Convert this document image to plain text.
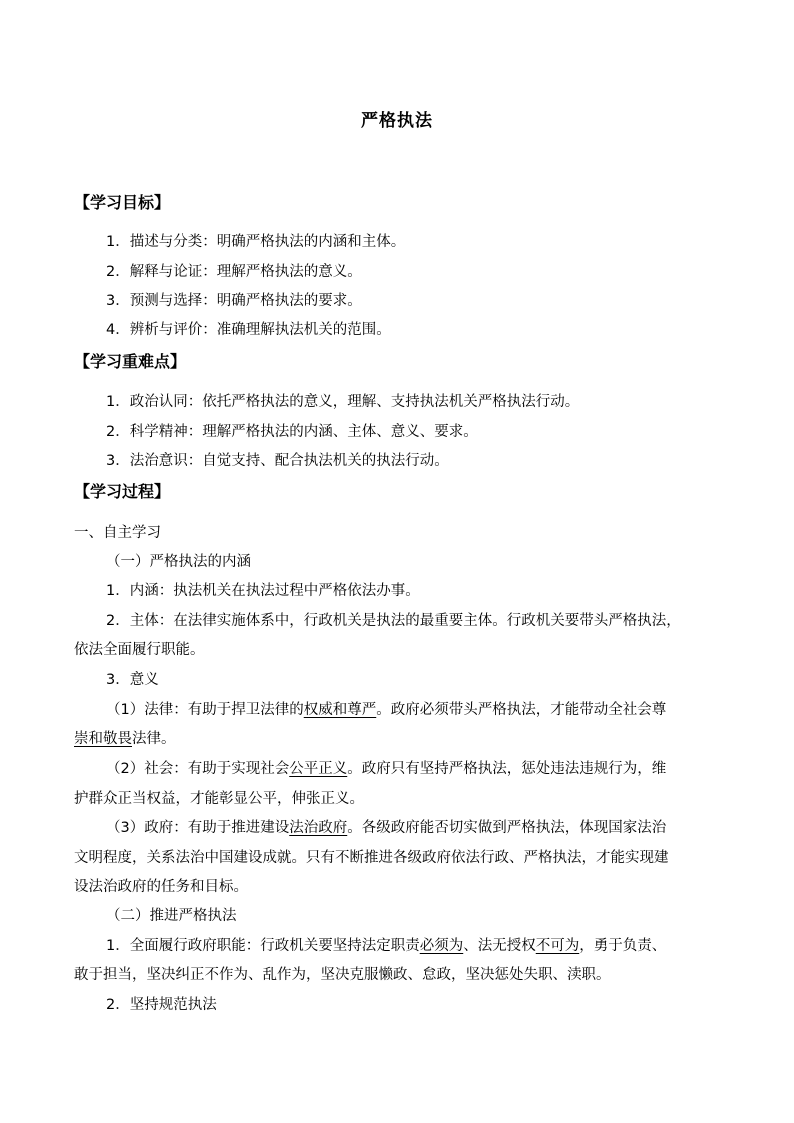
严格执法
【学习目标】
1．描述与分类：明确严格执法的内涵和主体。
2．解释与论证：理解严格执法的意义。
3．预测与选择：明确严格执法的要求。
4．辨析与评价：准确理解执法机关的范围。
【学习重难点】
1．政治认同：依托严格执法的意义，理解、支持执法机关严格执法行动。
2．科学精神：理解严格执法的内涵、主体、意义、要求。
3．法治意识：自觉支持、配合执法机关的执法行动。
【学习过程】
一、自主学习
（一）严格执法的内涵
1．内涵：执法机关在执法过程中严格依法办事。
2．主体：在法律实施体系中，行政机关是执法的最重要主体。行政机关要带头严格执法，
依法全面履行职能。
3．意义
（1）法律：有助于捍卫法律的权威和尊严。政府必须带头严格执法，才能带动全社会尊
崇和敬畏法律。
（2）社会：有助于实现社会公平正义。政府只有坚持严格执法，惩处违法违规行为，维
护群众正当权益，才能彰显公平，伸张正义。
（3）政府：有助于推进建设法治政府。各级政府能否切实做到严格执法，体现国家法治
文明程度，关系法治中国建设成就。只有不断推进各级政府依法行政、严格执法，才能实现建
设法治政府的任务和目标。
（二）推进严格执法
1．全面履行政府职能：行政机关要坚持法定职责必须为、法无授权不可为，勇于负责、
敢于担当，坚决纠正不作为、乱作为，坚决克服懒政、怠政，坚决惩处失职、渎职。
2．坚持规范执法
